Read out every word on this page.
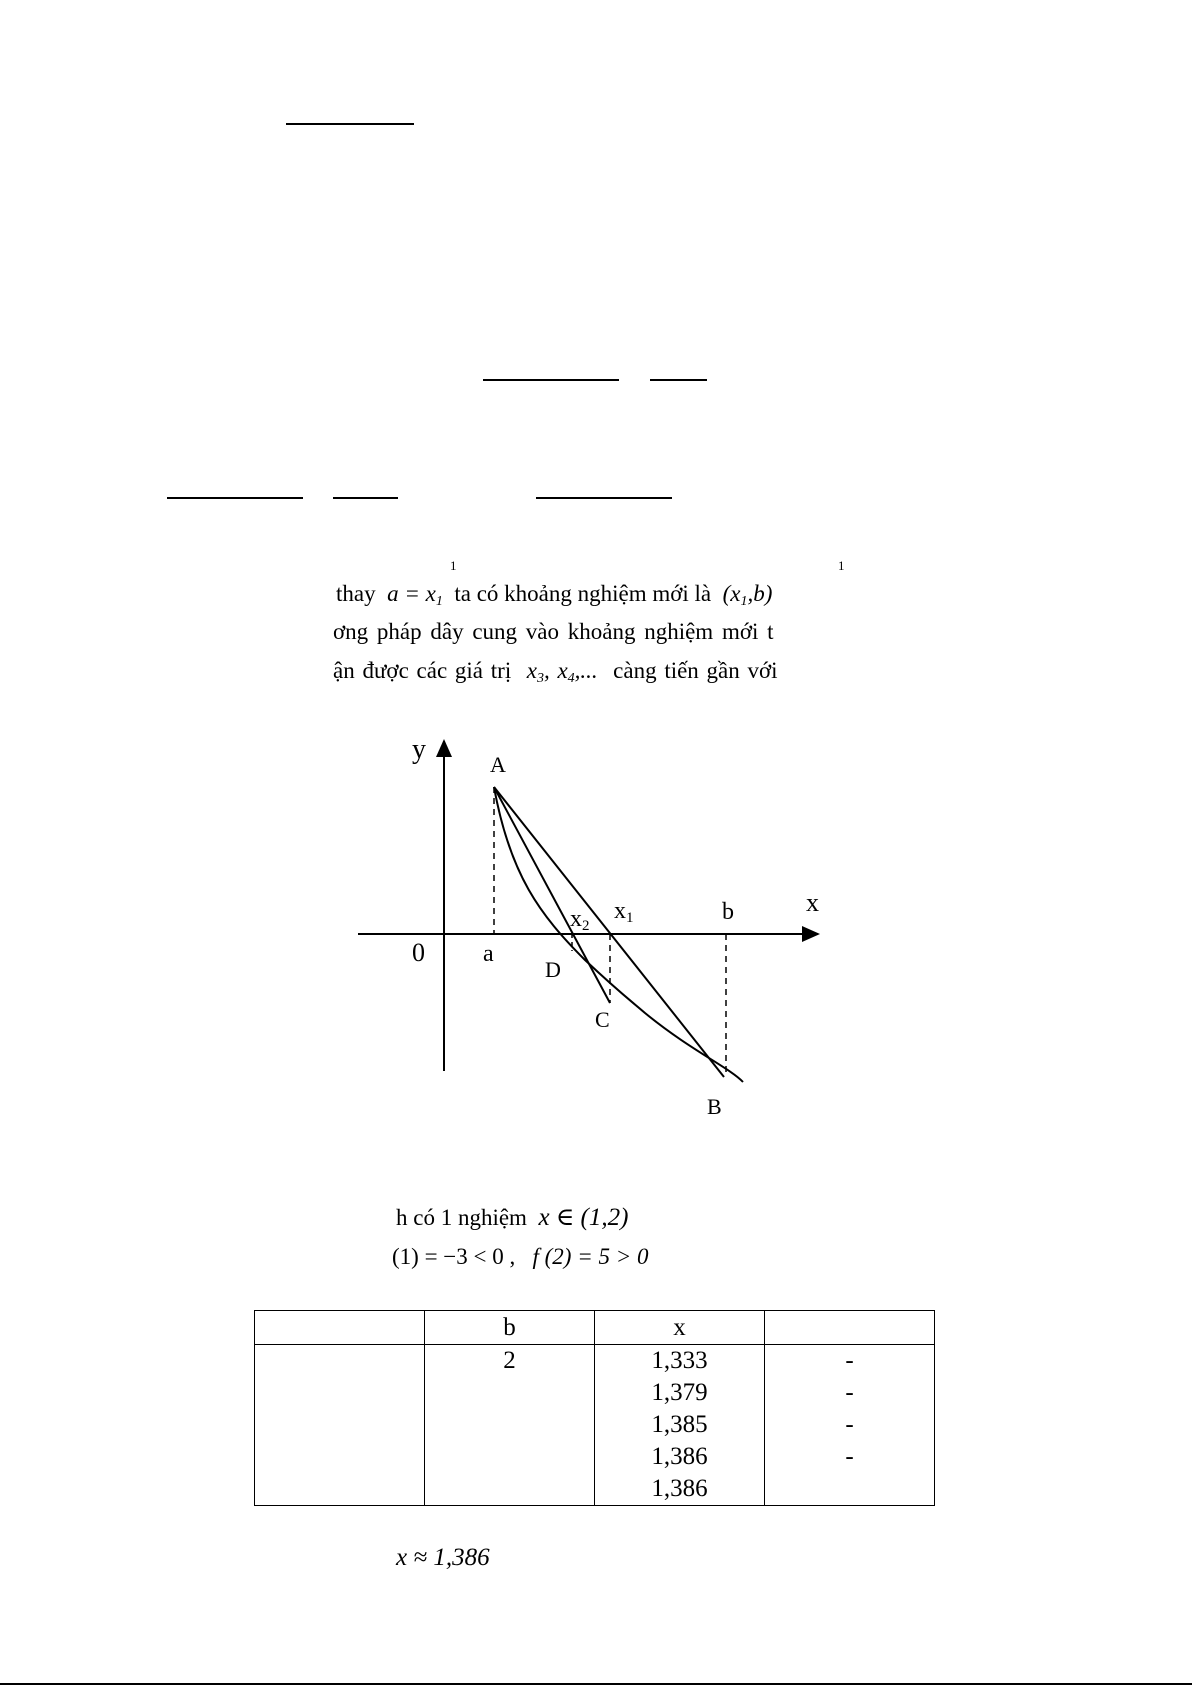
1	1
thay $a = x_1$ ta có khoảng nghiệm mới là $(x_1,b)$
ơng pháp dây cung vào khoảng nghiệm mới t
ận được các giá trị $x_3$, $x_4$,... càng tiến gần với
y
x
0 a
b
A
B
C
D
x1
x2
h có 1 nghiệm x ∈ (1,2)
(1) = −3 < 0 , f (2) = 5 > 0
	b	x	
	2	1,333	-
		1,379	-
		1,385	-
		1,386	-
		1,386	
x ≈ 1,386
